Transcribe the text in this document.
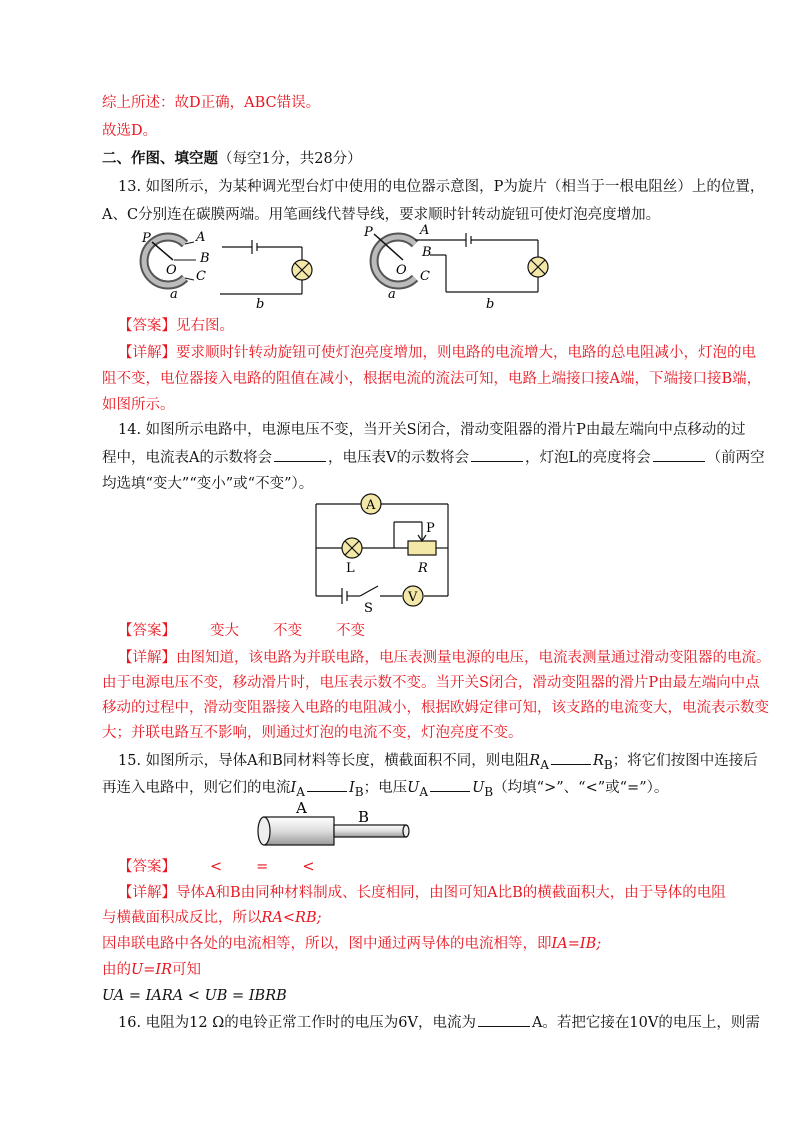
综上所述：故D正确，ABC错误。
故选D。
二、作图、填空题（每空1分，共28分）
13. 如图所示，为某种调光型台灯中使用的电位器示意图，P为旋片（相当于一根电阻丝）上的位置，
A、C分别连在碳膜两端。用笔画线代替导线，要求顺时针转动旋钮可使灯泡亮度增加。
P	A
B
C
O
a
b
P	A
B
C
O
a
b
【答案】见右图。
【详解】要求顺时针转动旋钮可使灯泡亮度增加，则电路的电流增大，电路的总电阻减小，灯泡的电
阻不变，电位器接入电路的阻值在减小，根据电流的流法可知，电路上端接口接A端，下端接口接B端，
如图所示。
14. 如图所示电路中，电源电压不变，当开关S闭合，滑动变阻器的滑片P由最左端向中点移动的过
程中，电流表A的示数将会	，电压表V的示数将会	，灯泡L的亮度将会	（前两空
均选填“变大”“变小”或“不变”）。
A
V
P
L	R
S
【答案】 变大 不变 不变
【详解】由图知道，该电路为并联电路，电压表测量电源的电压，电流表测量通过滑动变阻器的电流。
由于电源电压不变，移动滑片时，电压表示数不变。当开关S闭合，滑动变阻器的滑片P由最左端向中点
移动的过程中，滑动变阻器接入电路的电阻减小，根据欧姆定律可知，该支路的电流变大，电流表示数变
大；并联电路互不影响，则通过灯泡的电流不变，灯泡亮度不变。
15. 如图所示，导体A和B同材料等长度，横截面积不同，则电阻$R_A$	$R_B$；将它们按图中连接后
再连入电路中，则它们的电流$I_A$	$I_B$；电压$U_A$	$U_B$（均填“>”、“<”或“=”）。
A	B
【答案】 < = <
【详解】导体A和B由同种材料制成、长度相同，由图可知A比B的横截面积大，由于导体的电阻
与横截面积成反比，所以RA<RB;
因串联电路中各处的电流相等，所以，图中通过两导体的电流相等，即IA=IB;
由的U=IR可知
UA = IARA < UB = IBRB
16. 电阻为12 Ω的电铃正常工作时的电压为6V，电流为	A。若把它接在10V的电压上，则需
